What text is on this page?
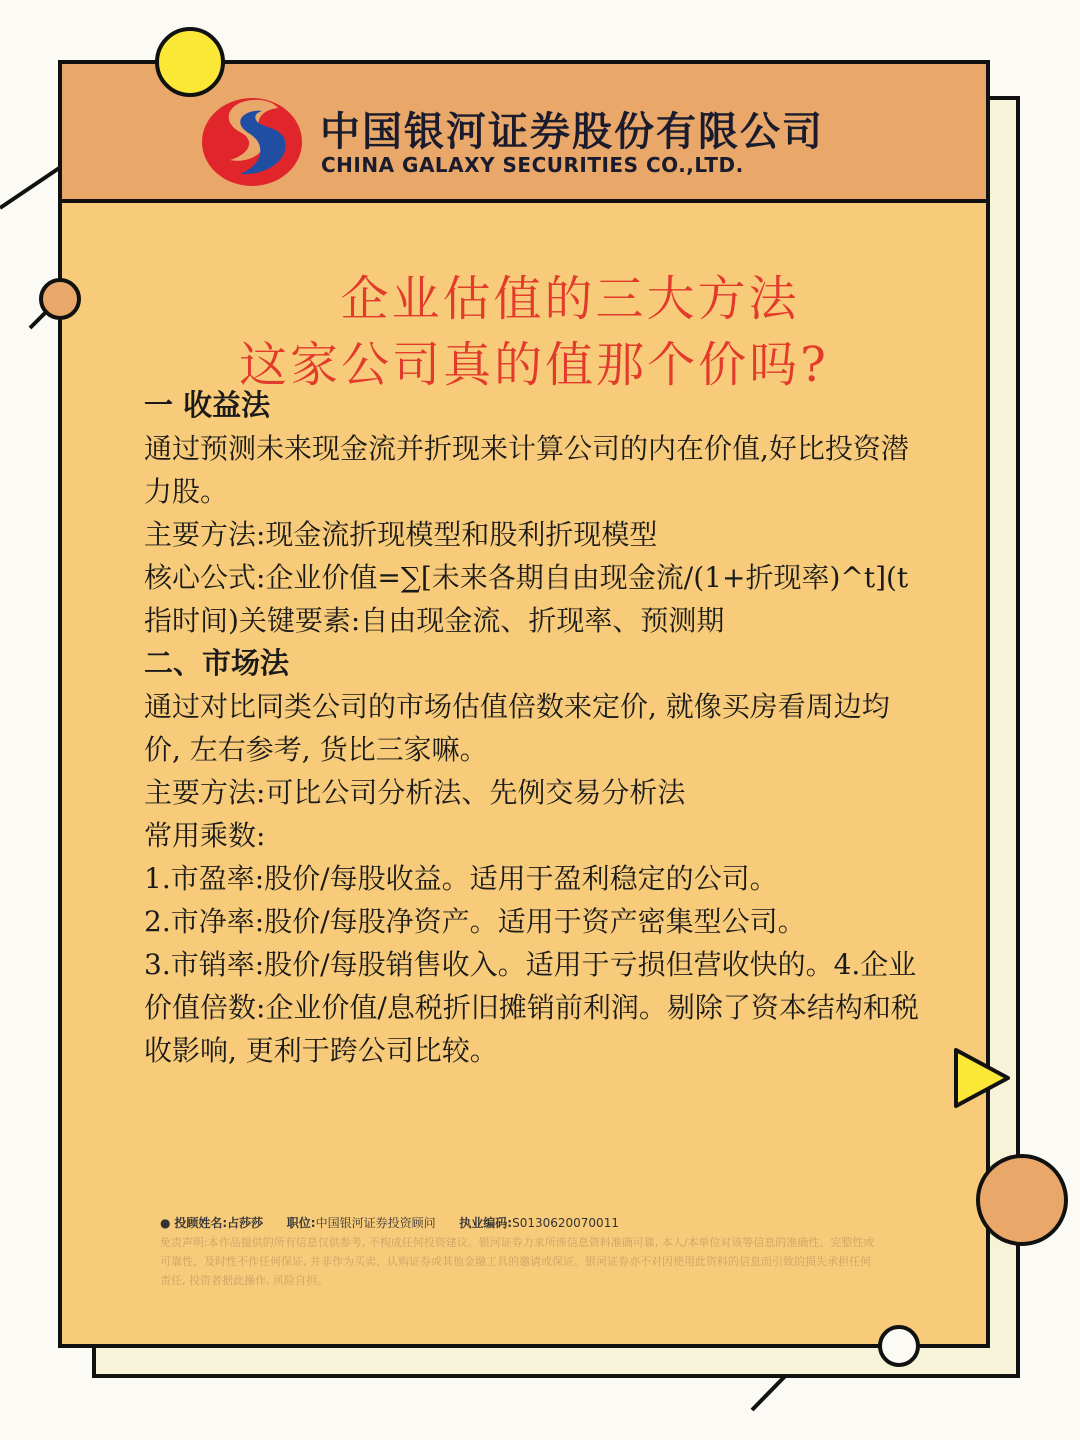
中国银河证券股份有限公司
CHINA GALAXY SECURITIES CO.,LTD.
企业估值的三大方法
这家公司真的值那个价吗?

一 收益法

通过预测未来现金流并折现来计算公司的内在价值,好比投资潜力股。

主要方法:现金流折现模型和股利折现模型

核心公式:企业价值=∑[未来各期自由现金流/(1+折现率)^t](t指时间)关键要素:自由现金流、折现率、预测期

二、市场法

通过对比同类公司的市场估值倍数来定价, 就像买房看周边均价, 左右参考, 货比三家嘛。

主要方法:可比公司分析法、先例交易分析法

常用乘数:

1.市盈率:股价/每股收益。适用于盈利稳定的公司。

2.市净率:股价/每股净资产。适用于资产密集型公司。

3.市销率:股价/每股销售收入。适用于亏损但营收快的。4.企业价值倍数:企业价值/息税折旧摊销前利润。剔除了资本结构和税收影响, 更利于跨公司比较。

● 投顾姓名:占莎莎 职位:中国银河证券投资顾问 执业编码:S0130620070011
免责声明:本作品提供的所有信息仅供参考, 不构成任何投资建议。银河证券力求所涉信息资料准确可靠, 本人/本单位对该等信息的准确性、完整性或可靠性、及时性不作任何保证, 并非作为买卖、认购证券或其他金融工具的邀请或保证。银河证券亦不对因使用此资料的信息而引致的损失承担任何责任, 投资者据此操作, 风险自担。
